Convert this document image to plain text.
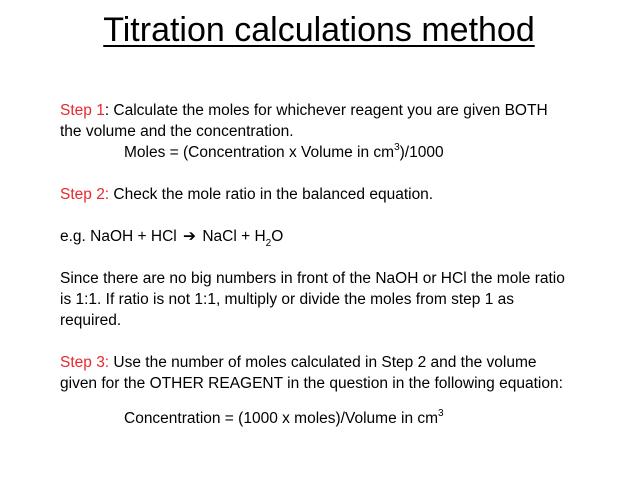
Titration calculations method
Step 1: Calculate the moles for whichever reagent you are given BOTH
the volume and the concentration.
Moles = (Concentration x Volume in $cm^3)/1000$
Step 2: Check the mole ratio in the balanced equation.
e.g. NaOH + HCl ➔ NaCl + $H_2O$
Since there are no big numbers in front of the NaOH or HCl the mole ratio
is 1:1. If ratio is not 1:1, multiply or divide the moles from step 1 as
required.
Step 3: Use the number of moles calculated in Step 2 and the volume
given for the OTHER REAGENT in the question in the following equation:
Concentration = (1000 x moles)/Volume in $cm^3$
